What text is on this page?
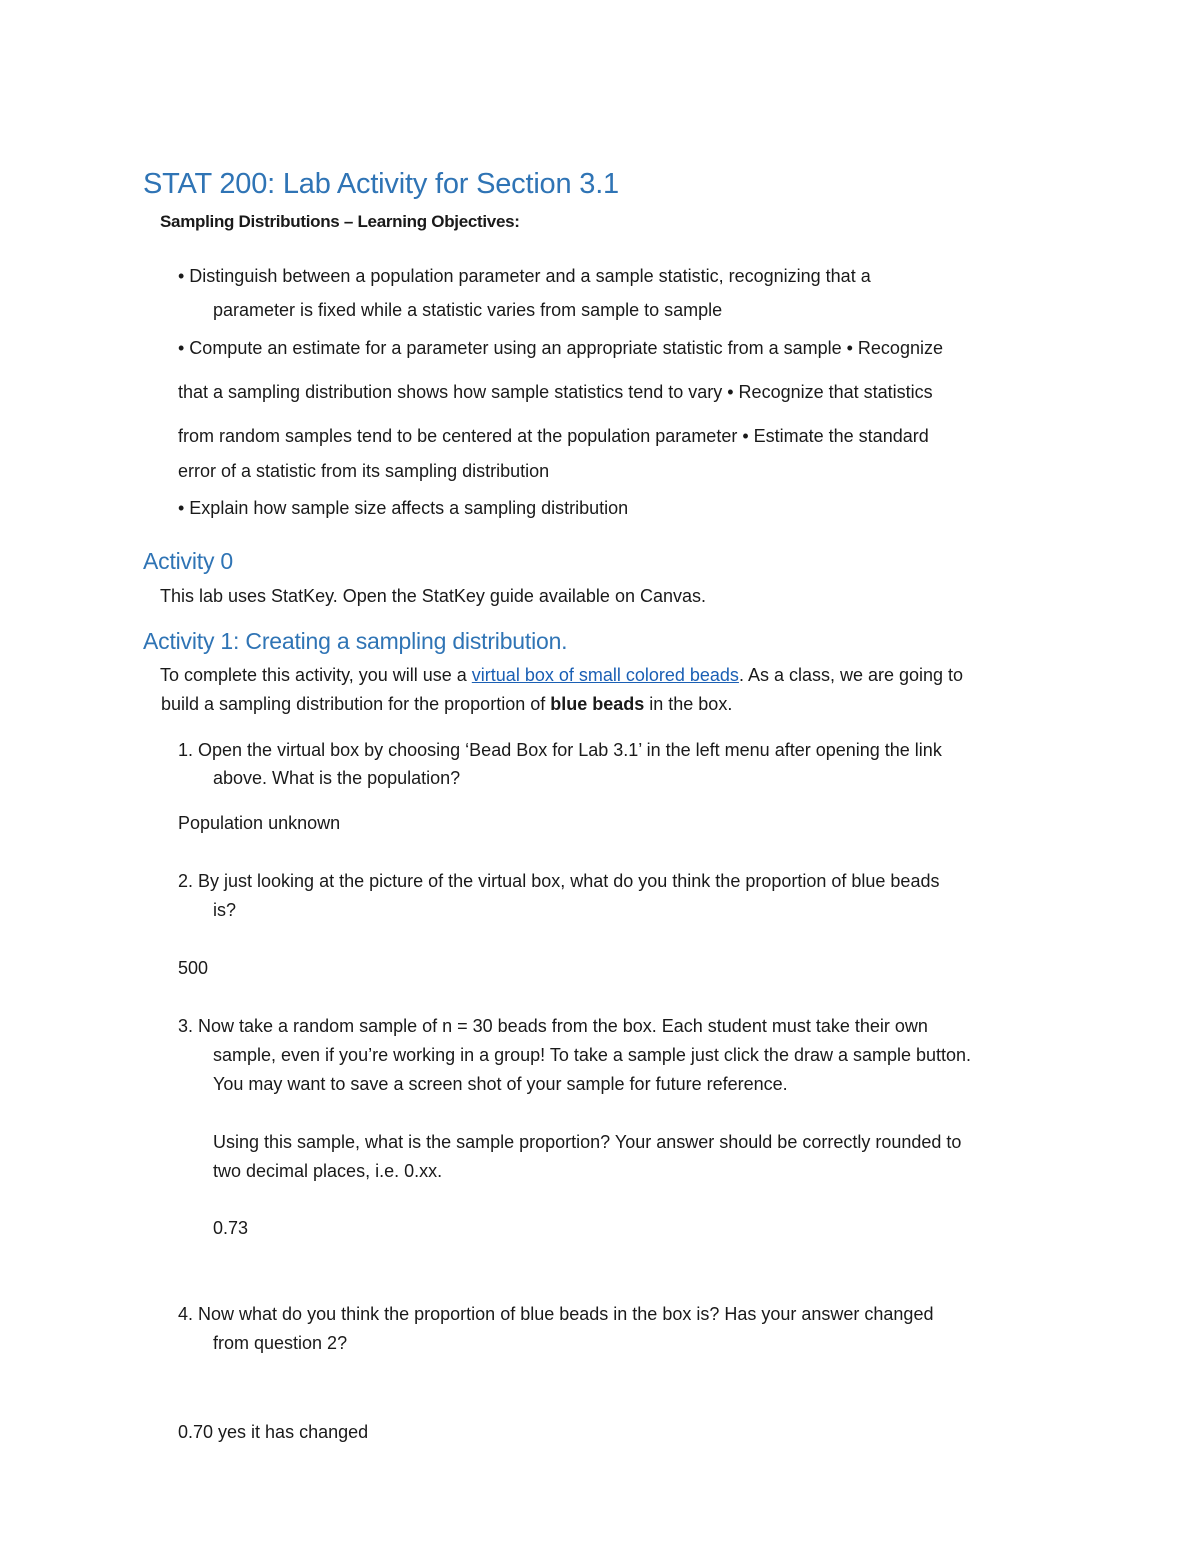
STAT 200: Lab Activity for Section 3.1
Sampling Distributions – Learning Objectives:
• Distinguish between a population parameter and a sample statistic, recognizing that a
parameter is fixed while a statistic varies from sample to sample
• Compute an estimate for a parameter using an appropriate statistic from a sample • Recognize
that a sampling distribution shows how sample statistics tend to vary • Recognize that statistics
from random samples tend to be centered at the population parameter • Estimate the standard
error of a statistic from its sampling distribution
• Explain how sample size affects a sampling distribution
Activity 0
This lab uses StatKey. Open the StatKey guide available on Canvas.
Activity 1: Creating a sampling distribution.
To complete this activity, you will use a virtual box of small colored beads. As a class, we are going to
build a sampling distribution for the proportion of blue beads in the box.
1. Open the virtual box by choosing ‘Bead Box for Lab 3.1’ in the left menu after opening the link
above. What is the population?
Population unknown
2. By just looking at the picture of the virtual box, what do you think the proportion of blue beads
is?
500
3. Now take a random sample of n = 30 beads from the box. Each student must take their own
sample, even if you’re working in a group! To take a sample just click the draw a sample button.
You may want to save a screen shot of your sample for future reference.
Using this sample, what is the sample proportion? Your answer should be correctly rounded to
two decimal places, i.e. 0.xx.
0.73
4. Now what do you think the proportion of blue beads in the box is? Has your answer changed
from question 2?
0.70 yes it has changed
